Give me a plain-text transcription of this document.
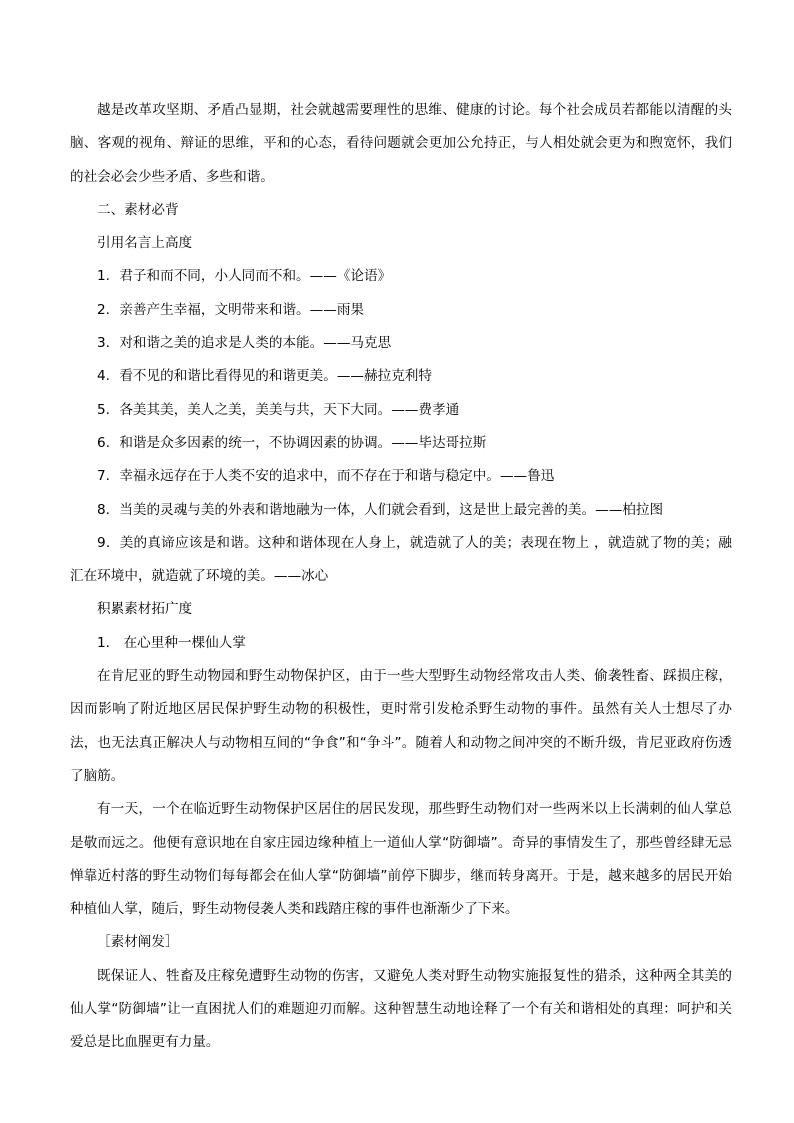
越是改革攻坚期、矛盾凸显期，社会就越需要理性的思维、健康的讨论。每个社会成员若都能以清醒的头脑、客观的视角、辩证的思维，平和的心态，看待问题就会更加公允持正，与人相处就会更为和煦宽怀，我们的社会必会少些矛盾、多些和谐。

二、素材必背

引用名言上高度

1. 君子和而不同，小人同而不和。——《论语》

2. 亲善产生幸福，文明带来和谐。——雨果

3. 对和谐之美的追求是人类的本能。——马克思

4. 看不见的和谐比看得见的和谐更美。——赫拉克利特

5. 各美其美，美人之美，美美与共，天下大同。——费孝通

6. 和谐是众多因素的统一，不协调因素的协调。——毕达哥拉斯

7. 幸福永远存在于人类不安的追求中，而不存在于和谐与稳定中。——鲁迅

8. 当美的灵魂与美的外表和谐地融为一体，人们就会看到，这是世上最完善的美。——柏拉图

9．美的真谛应该是和谐。这种和谐体现在人身上，就造就了人的美；表现在物上 ，就造就了物的美；融汇在环境中，就造就了环境的美。——冰心

积累素材拓广度

1.　在心里种一棵仙人掌

在肯尼亚的野生动物园和野生动物保护区，由于一些大型野生动物经常攻击人类、偷袭牲畜、踩损庄稼，因而影响了附近地区居民保护野生动物的积极性，更时常引发枪杀野生动物的事件。虽然有关人士想尽了办法，也无法真正解决人与动物相互间的“争食”和“争斗”。随着人和动物之间冲突的不断升级，肯尼亚政府伤透了脑筋。

有一天，一个在临近野生动物保护区居住的居民发现，那些野生动物们对一些两米以上长满刺的仙人掌总是敬而远之。他便有意识地在自家庄园边缘种植上一道仙人掌“防御墙”。奇异的事情发生了，那些曾经肆无忌惮靠近村落的野生动物们每每都会在仙人掌“防御墙”前停下脚步，继而转身离开。于是，越来越多的居民开始种植仙人掌，随后，野生动物侵袭人类和践踏庄稼的事件也渐渐少了下来。

［素材阐发］

既保证人、牲畜及庄稼免遭野生动物的伤害，又避免人类对野生动物实施报复性的猎杀，这种两全其美的仙人掌“防御墙”让一直困扰人们的难题迎刃而解。这种智慧生动地诠释了一个有关和谐相处的真理：呵护和关爱总是比血腥更有力量。
